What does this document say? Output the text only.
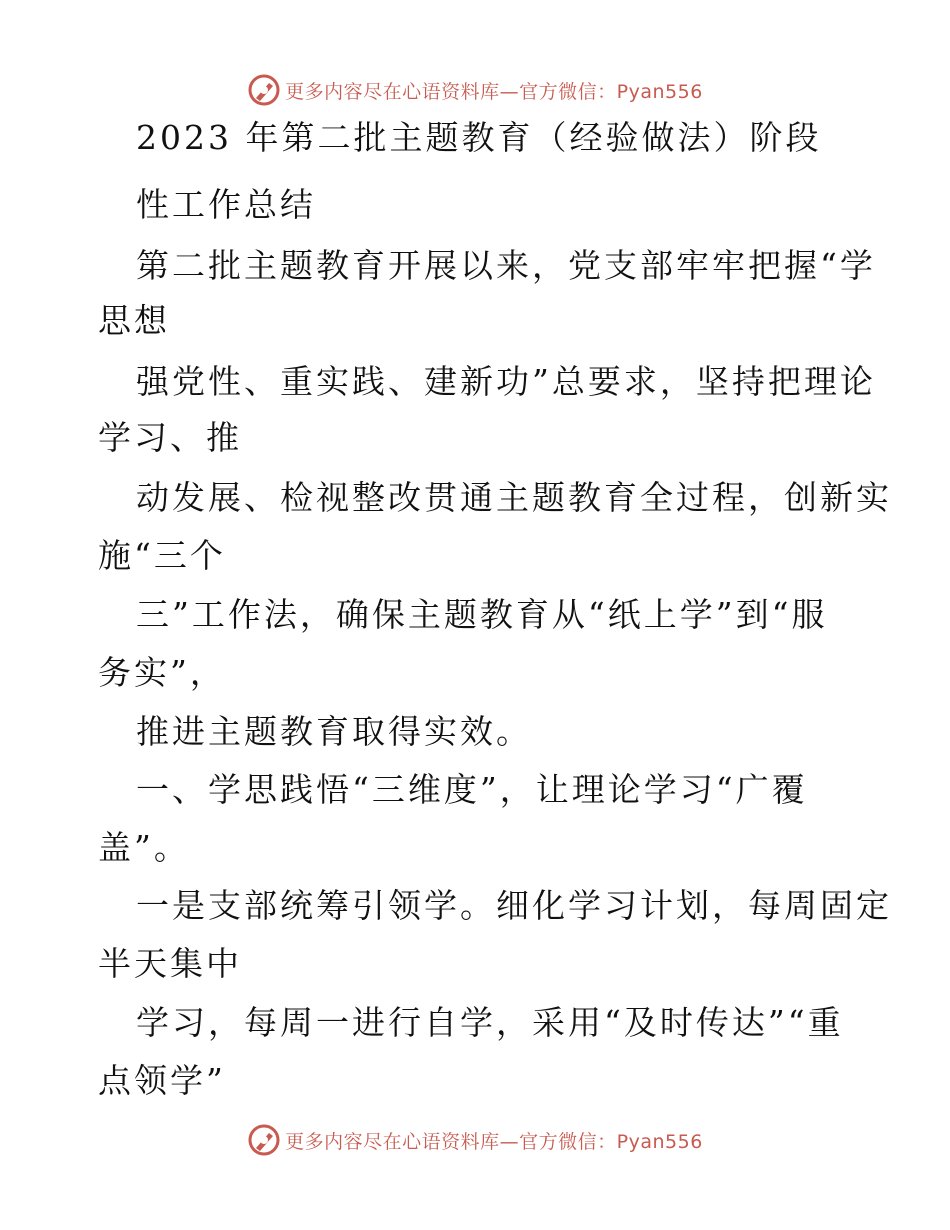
更多内容尽在心语资料库—官方微信：Pyan556
2023 年第二批主题教育（经验做法）阶段
性工作总结
第二批主题教育开展以来，党支部牢牢把握“学
思想
强党性、重实践、建新功”总要求，坚持把理论
学习、推
动发展、检视整改贯通主题教育全过程，创新实
施“三个
三”工作法，确保主题教育从“纸上学”到“服
务实”，
推进主题教育取得实效。
一、学思践悟“三维度”，让理论学习“广覆
盖”。
一是支部统筹引领学。细化学习计划，每周固定
半天集中
学习，每周一进行自学，采用“及时传达”“重
点领学”
更多内容尽在心语资料库—官方微信：Pyan556
